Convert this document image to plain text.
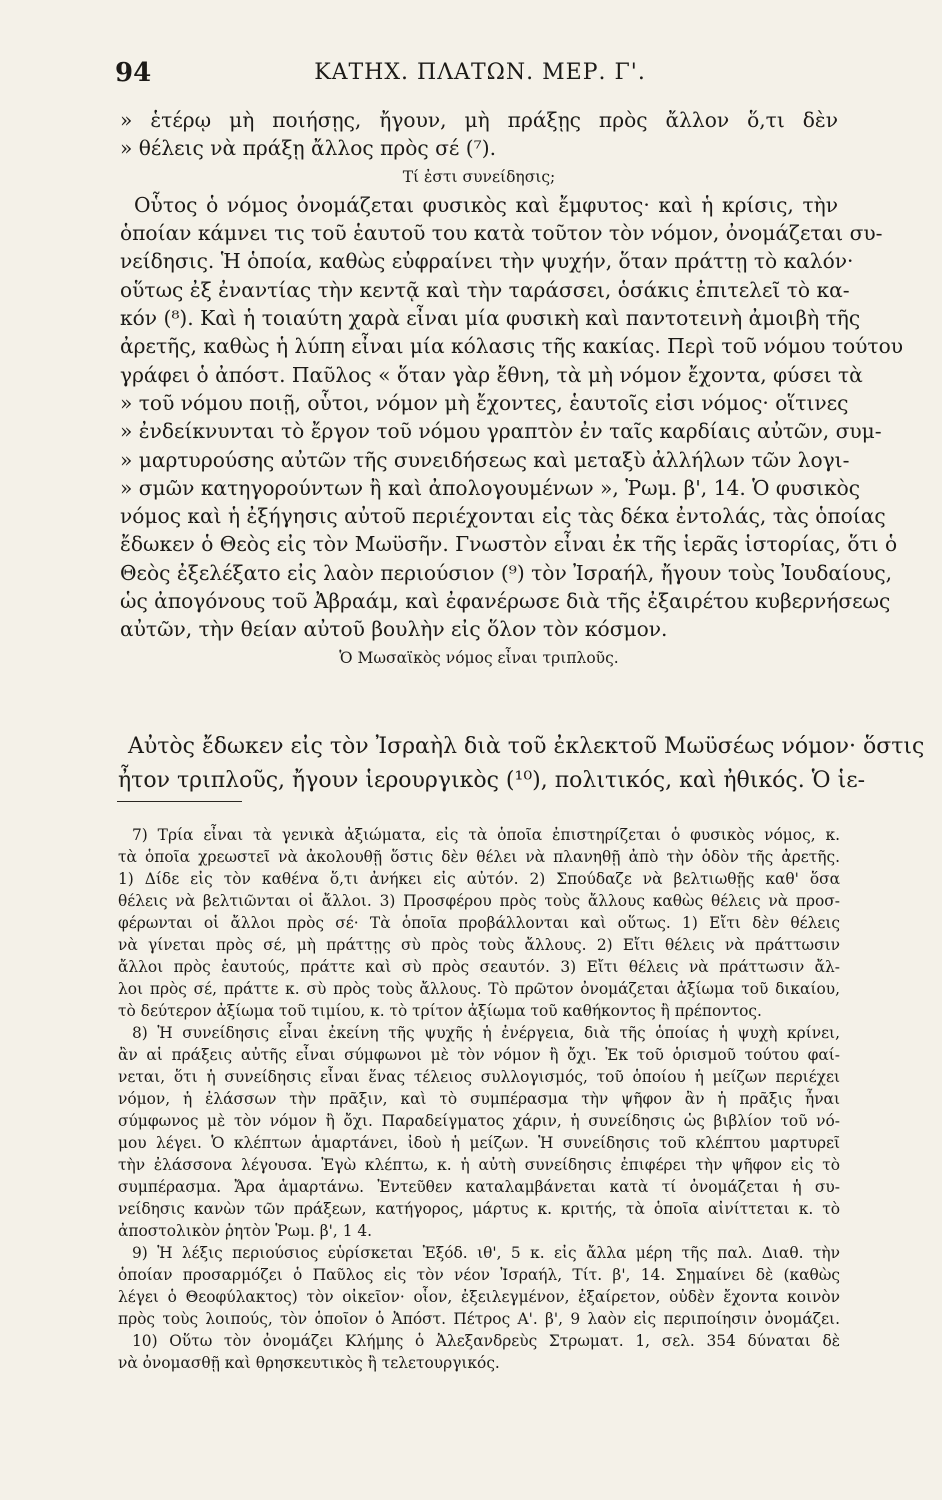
94	ΚΑΤΗΧ. ΠΛΑΤΩΝ. ΜΕΡ. Γ'.
» ἑτέρῳ μὴ ποιήσῃς, ἤγουν, μὴ πράξῃς πρὸς ἄλλον ὅ,τι δὲν
» θέλεις νὰ πράξῃ ἄλλος πρὸς σέ (⁷).
Τί ἐστι συνείδησις;
Οὗτος ὁ νόμος ὀνομάζεται φυσικὸς καὶ ἔμφυτος· καὶ ἡ κρίσις, τὴν
ὁποίαν κάμνει τις τοῦ ἑαυτοῦ του κατὰ τοῦτον τὸν νόμον, ὀνομάζεται συ-
νείδησις. Ἡ ὁποία, καθὼς εὐφραίνει τὴν ψυχήν, ὅταν πράττῃ τὸ καλόν·
οὕτως ἐξ ἐναντίας τὴν κεντᾷ καὶ τὴν ταράσσει, ὁσάκις ἐπιτελεῖ τὸ κα-
κόν (⁸). Καὶ ἡ τοιαύτη χαρὰ εἶναι μία φυσικὴ καὶ παντοτεινὴ ἀμοιβὴ τῆς
ἀρετῆς, καθὼς ἡ λύπη εἶναι μία κόλασις τῆς κακίας. Περὶ τοῦ νόμου τούτου
γράφει ὁ ἀπόστ. Παῦλος « ὅταν γὰρ ἔθνη, τὰ μὴ νόμον ἔχοντα, φύσει τὰ
» τοῦ νόμου ποιῇ, οὗτοι, νόμον μὴ ἔχοντες, ἑαυτοῖς εἰσι νόμος· οἵτινες
» ἐνδείκνυνται τὸ ἔργον τοῦ νόμου γραπτὸν ἐν ταῖς καρδίαις αὐτῶν, συμ-
» μαρτυρούσης αὐτῶν τῆς συνειδήσεως καὶ μεταξὺ ἀλλήλων τῶν λογι-
» σμῶν κατηγορούντων ἢ καὶ ἀπολογουμένων », Ῥωμ. β', 14. Ὁ φυσικὸς
νόμος καὶ ἡ ἐξήγησις αὐτοῦ περιέχονται εἰς τὰς δέκα ἐντολάς, τὰς ὁποίας
ἔδωκεν ὁ Θεὸς εἰς τὸν Μωϋσῆν. Γνωστὸν εἶναι ἐκ τῆς ἱερᾶς ἱστορίας, ὅτι ὁ
Θεὸς ἐξελέξατο εἰς λαὸν περιούσιον (⁹) τὸν Ἰσραήλ, ἤγουν τοὺς Ἰουδαίους,
ὡς ἀπογόνους τοῦ Ἀβραάμ, καὶ ἐφανέρωσε διὰ τῆς ἐξαιρέτου κυβερνήσεως
αὐτῶν, τὴν θείαν αὐτοῦ βουλὴν εἰς ὅλον τὸν κόσμον.
Ὁ Μωσαϊκὸς νόμος εἶναι τριπλοῦς.
Αὐτὸς ἔδωκεν εἰς τὸν Ἰσραὴλ διὰ τοῦ ἐκλεκτοῦ Μωϋσέως νόμον· ὅστις
ἦτον τριπλοῦς, ἤγουν ἱερουργικὸς (¹⁰), πολιτικός, καὶ ἠθικός. Ὁ ἱε-
7) Τρία εἶναι τὰ γενικὰ ἀξιώματα, εἰς τὰ ὁποῖα ἐπιστηρίζεται ὁ φυσικὸς νόμος, κ.
τὰ ὁποῖα χρεωστεῖ νὰ ἀκολουθῇ ὅστις δὲν θέλει νὰ πλανηθῇ ἀπὸ τὴν ὁδὸν τῆς ἀρετῆς.
1) Δίδε εἰς τὸν καθένα ὅ,τι ἀνήκει εἰς αὐτόν. 2) Σπούδαζε νὰ βελτιωθῇς καθ' ὅσα
θέλεις νὰ βελτιῶνται οἱ ἄλλοι. 3) Προσφέρου πρὸς τοὺς ἄλλους καθὼς θέλεις νὰ προσ-
φέρωνται οἱ ἄλλοι πρὸς σέ· Τὰ ὁποῖα προβάλλονται καὶ οὕτως. 1) Εἴτι δὲν θέλεις
νὰ γίνεται πρὸς σέ, μὴ πράττῃς σὺ πρὸς τοὺς ἄλλους. 2) Εἴτι θέλεις νὰ πράττωσιν
ἄλλοι πρὸς ἑαυτούς, πράττε καὶ σὺ πρὸς σεαυτόν. 3) Εἴτι θέλεις νὰ πράττωσιν ἄλ-
λοι πρὸς σέ, πράττε κ. σὺ πρὸς τοὺς ἄλλους. Τὸ πρῶτον ὀνομάζεται ἀξίωμα τοῦ δικαίου,
τὸ δεύτερον ἀξίωμα τοῦ τιμίου, κ. τὸ τρίτον ἀξίωμα τοῦ καθήκοντος ἢ πρέποντος.
8) Ἡ συνείδησις εἶναι ἐκείνη τῆς ψυχῆς ἡ ἐνέργεια, διὰ τῆς ὁποίας ἡ ψυχὴ κρίνει,
ἂν αἱ πράξεις αὐτῆς εἶναι σύμφωνοι μὲ τὸν νόμον ἢ ὄχι. Ἐκ τοῦ ὁρισμοῦ τούτου φαί-
νεται, ὅτι ἡ συνείδησις εἶναι ἕνας τέλειος συλλογισμός, τοῦ ὁποίου ἡ μείζων περιέχει
νόμον, ἡ ἐλάσσων τὴν πρᾶξιν, καὶ τὸ συμπέρασμα τὴν ψῆφον ἂν ἡ πρᾶξις ἦναι
σύμφωνος μὲ τὸν νόμον ἢ ὄχι. Παραδείγματος χάριν, ἡ συνείδησις ὡς βιβλίον τοῦ νό-
μου λέγει. Ὁ κλέπτων ἁμαρτάνει, ἰδοὺ ἡ μείζων. Ἡ συνείδησις τοῦ κλέπτου μαρτυρεῖ
τὴν ἐλάσσονα λέγουσα. Ἐγὼ κλέπτω, κ. ἡ αὐτὴ συνείδησις ἐπιφέρει τὴν ψῆφον εἰς τὸ
συμπέρασμα. Ἄρα ἁμαρτάνω. Ἐντεῦθεν καταλαμβάνεται κατὰ τί ὀνομάζεται ἡ συ-
νείδησις κανὼν τῶν πράξεων, κατήγορος, μάρτυς κ. κριτής, τὰ ὁποῖα αἰνίττεται κ. τὸ
ἀποστολικὸν ῥητὸν Ῥωμ. β', 1 4.
9) Ἡ λέξις περιούσιος εὑρίσκεται Ἐξόδ. ιθ', 5 κ. εἰς ἄλλα μέρη τῆς παλ. Διαθ. τὴν
ὁποίαν προσαρμόζει ὁ Παῦλος εἰς τὸν νέον Ἰσραήλ, Τίτ. β', 14. Σημαίνει δὲ (καθὼς
λέγει ὁ Θεοφύλακτος) τὸν οἰκεῖον· οἷον, ἐξειλεγμένον, ἐξαίρετον, οὐδὲν ἔχοντα κοινὸν
πρὸς τοὺς λοιπούς, τὸν ὁποῖον ὁ Ἀπόστ. Πέτρος Α'. β', 9 λαὸν εἰς περιποίησιν ὀνομάζει.
10) Οὕτω τὸν ὀνομάζει Κλήμης ὁ Ἀλεξανδρεὺς Στρωματ. 1, σελ. 354 δύναται δὲ
νὰ ὀνομασθῇ καὶ θρησκευτικὸς ἢ τελετουργικός.
